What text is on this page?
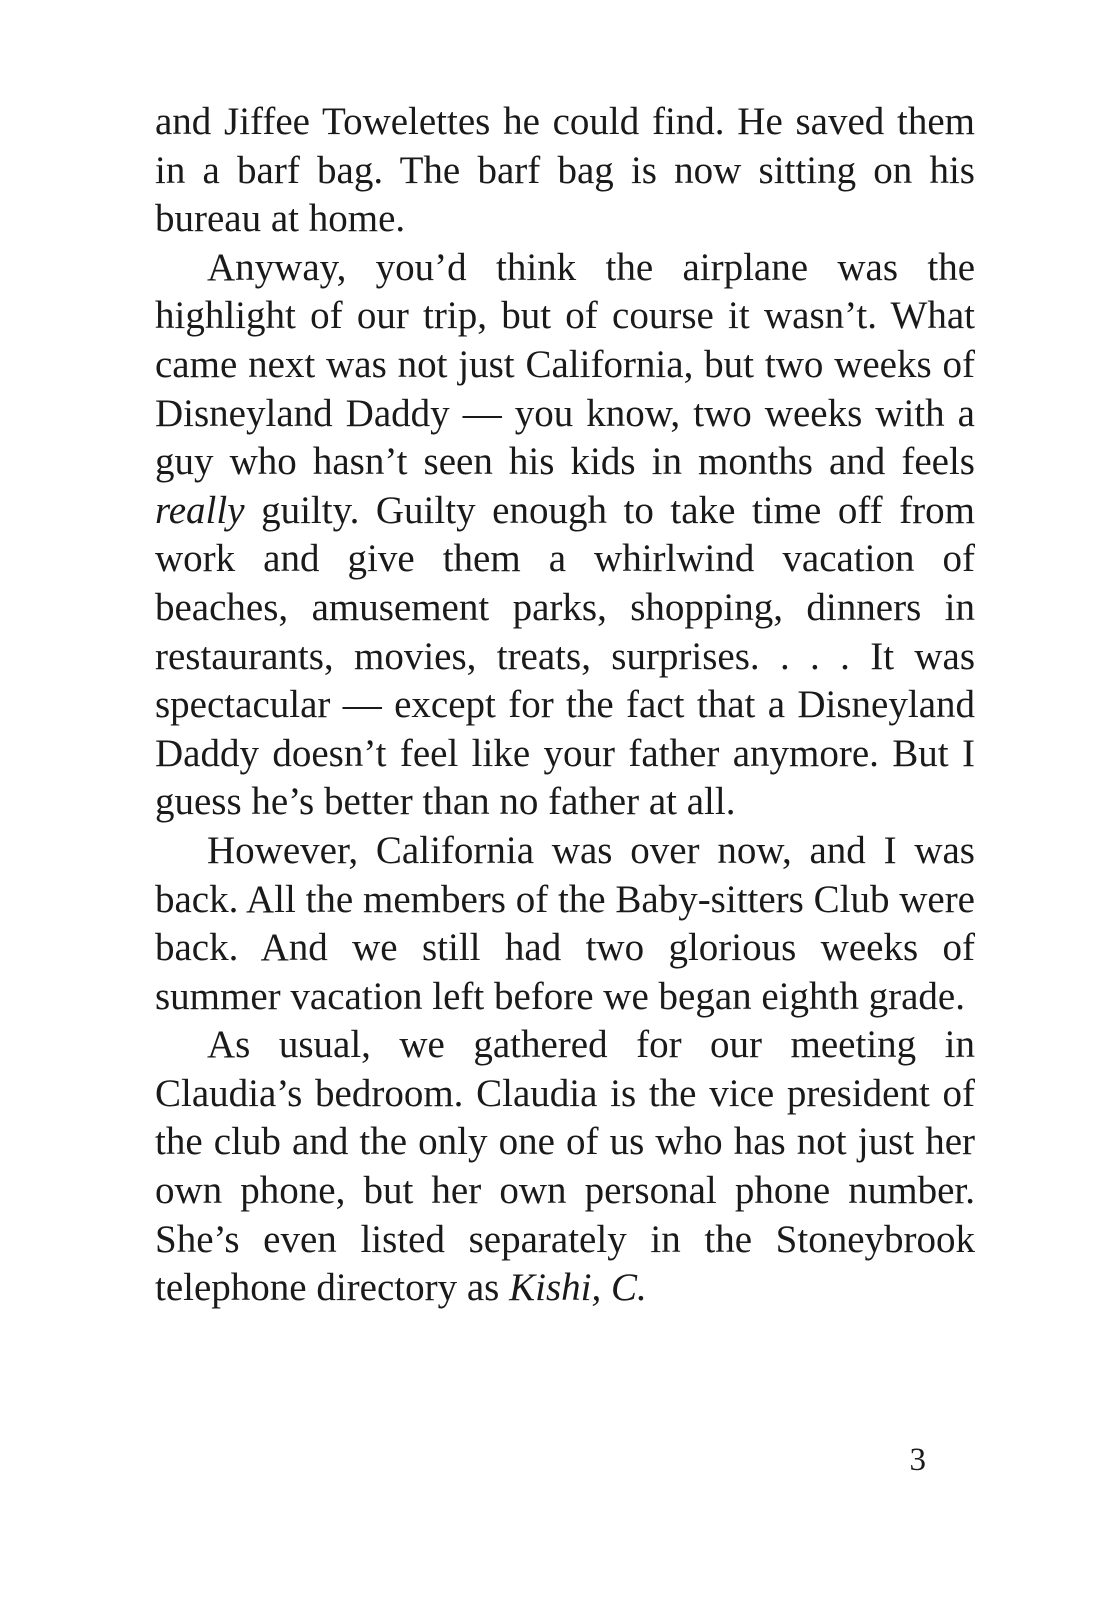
and Jiffee Towelettes he could find. He saved them in a barf bag. The barf bag is now sitting on his bureau at home.

Anyway, you’d think the airplane was the highlight of our trip, but of course it wasn’t. What came next was not just California, but two weeks of Disneyland Daddy — you know, two weeks with a guy who hasn’t seen his kids in months and feels really guilty. Guilty enough to take time off from work and give them a whirlwind vacation of beaches, amusement parks, shopping, dinners in restaurants, movies, treats, surprises. . . . It was spectacular — except for the fact that a Disneyland Daddy doesn’t feel like your father anymore. But I guess he’s better than no father at all.

However, California was over now, and I was back. All the members of the Baby-sitters Club were back. And we still had two glorious weeks of summer vacation left before we began eighth grade.

As usual, we gathered for our meeting in Claudia’s bedroom. Claudia is the vice president of the club and the only one of us who has not just her own phone, but her own personal phone number. She’s even listed separately in the Stoneybrook telephone directory as Kishi, C.

3
